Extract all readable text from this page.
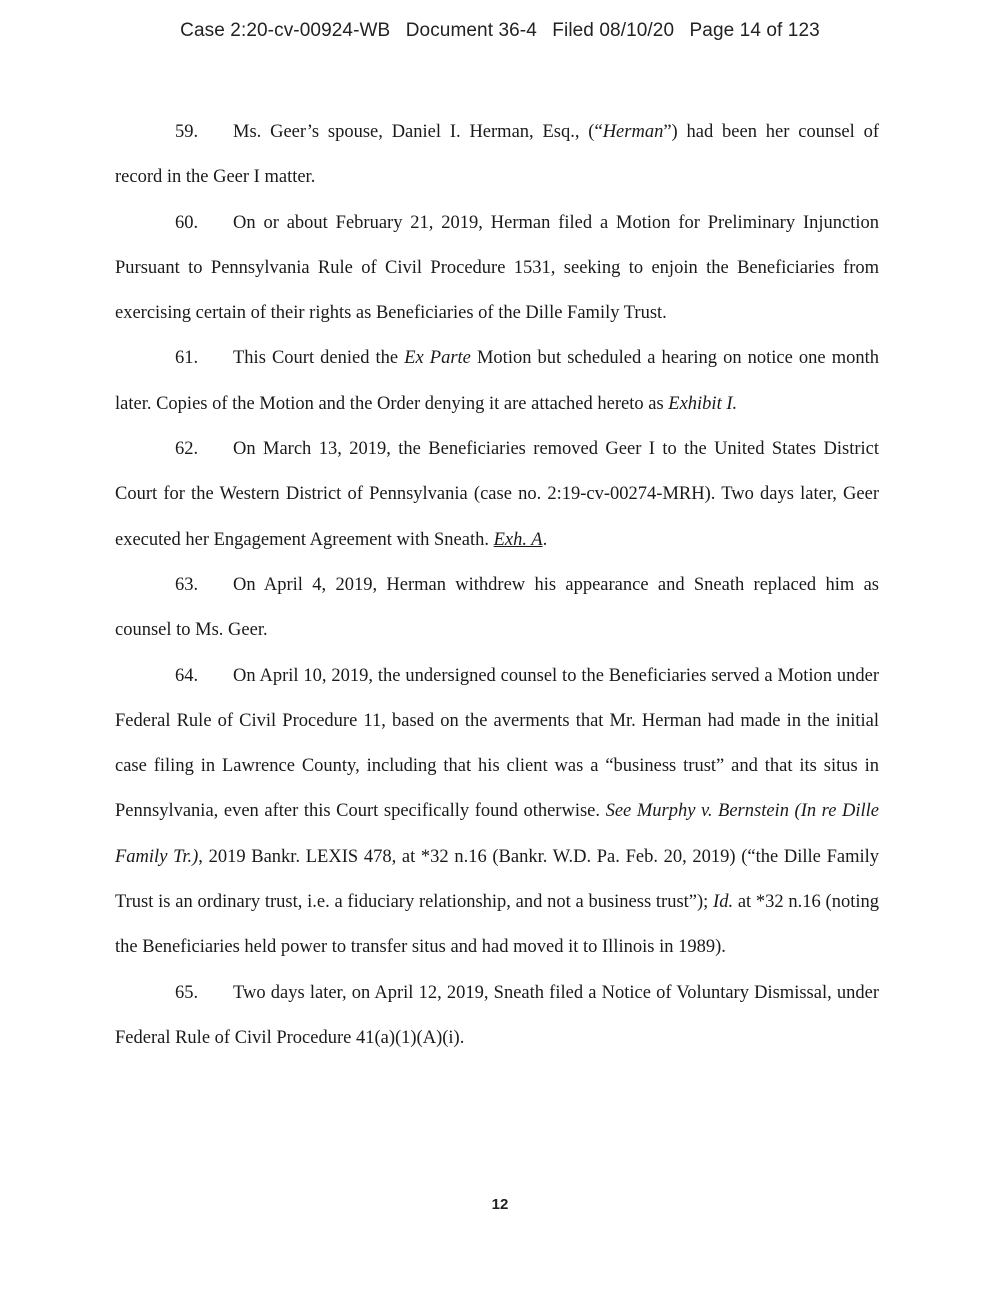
Case 2:20-cv-00924-WB Document 36-4 Filed 08/10/20 Page 14 of 123

59. Ms. Geer’s spouse, Daniel I. Herman, Esq., (“Herman”) had been her counsel of record in the Geer I matter.

60. On or about February 21, 2019, Herman filed a Motion for Preliminary Injunction Pursuant to Pennsylvania Rule of Civil Procedure 1531, seeking to enjoin the Beneficiaries from exercising certain of their rights as Beneficiaries of the Dille Family Trust.

61. This Court denied the Ex Parte Motion but scheduled a hearing on notice one month later. Copies of the Motion and the Order denying it are attached hereto as Exhibit I.

62. On March 13, 2019, the Beneficiaries removed Geer I to the United States District Court for the Western District of Pennsylvania (case no. 2:19-cv-00274-MRH). Two days later, Geer executed her Engagement Agreement with Sneath. Exh. A.

63. On April 4, 2019, Herman withdrew his appearance and Sneath replaced him as counsel to Ms. Geer.

64. On April 10, 2019, the undersigned counsel to the Beneficiaries served a Motion under Federal Rule of Civil Procedure 11, based on the averments that Mr. Herman had made in the initial case filing in Lawrence County, including that his client was a “business trust” and that its situs in Pennsylvania, even after this Court specifically found otherwise. See Murphy v. Bernstein (In re Dille Family Tr.), 2019 Bankr. LEXIS 478, at *32 n.16 (Bankr. W.D. Pa. Feb. 20, 2019) (“the Dille Family Trust is an ordinary trust, i.e. a fiduciary relationship, and not a business trust”); Id. at *32 n.16 (noting the Beneficiaries held power to transfer situs and had moved it to Illinois in 1989).

65. Two days later, on April 12, 2019, Sneath filed a Notice of Voluntary Dismissal, under Federal Rule of Civil Procedure 41(a)(1)(A)(i).

12
